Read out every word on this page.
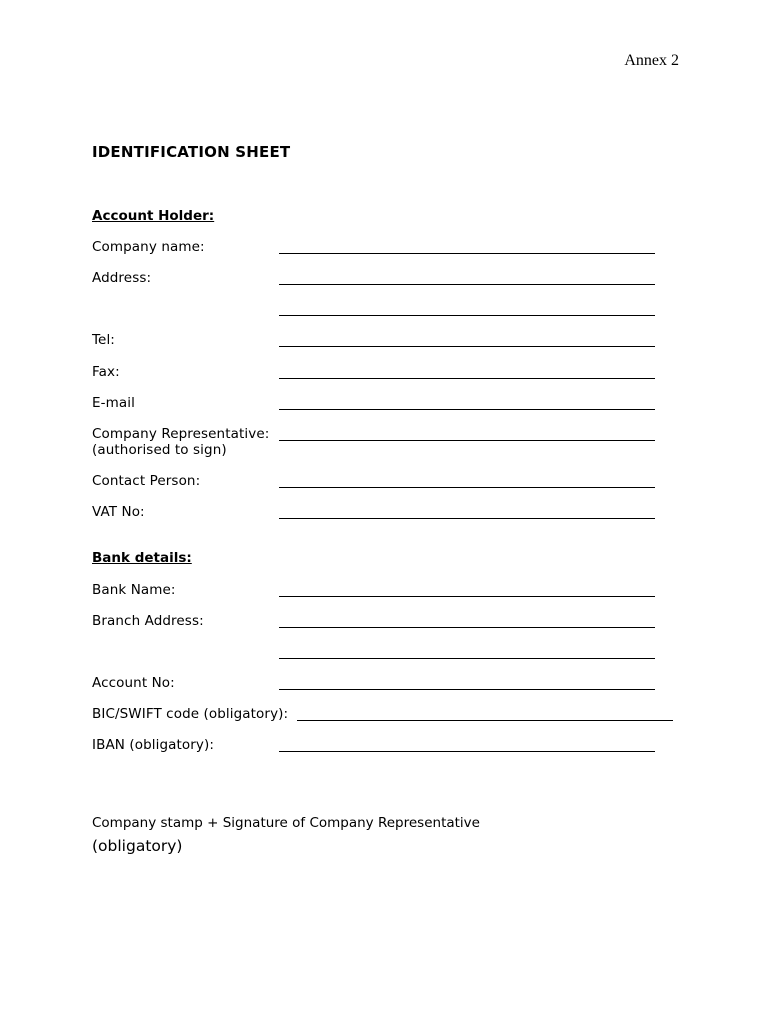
Annex 2
IDENTIFICATION SHEET
Account Holder:
Company name:
Address:
Tel:
Fax:
E-mail
Company Representative:
(authorised to sign)
Contact Person:
VAT No:
Bank details:
Bank Name:
Branch Address:
Account No:
BIC/SWIFT code (obligatory):
IBAN (obligatory):
Company stamp + Signature of Company Representative
(obligatory)
